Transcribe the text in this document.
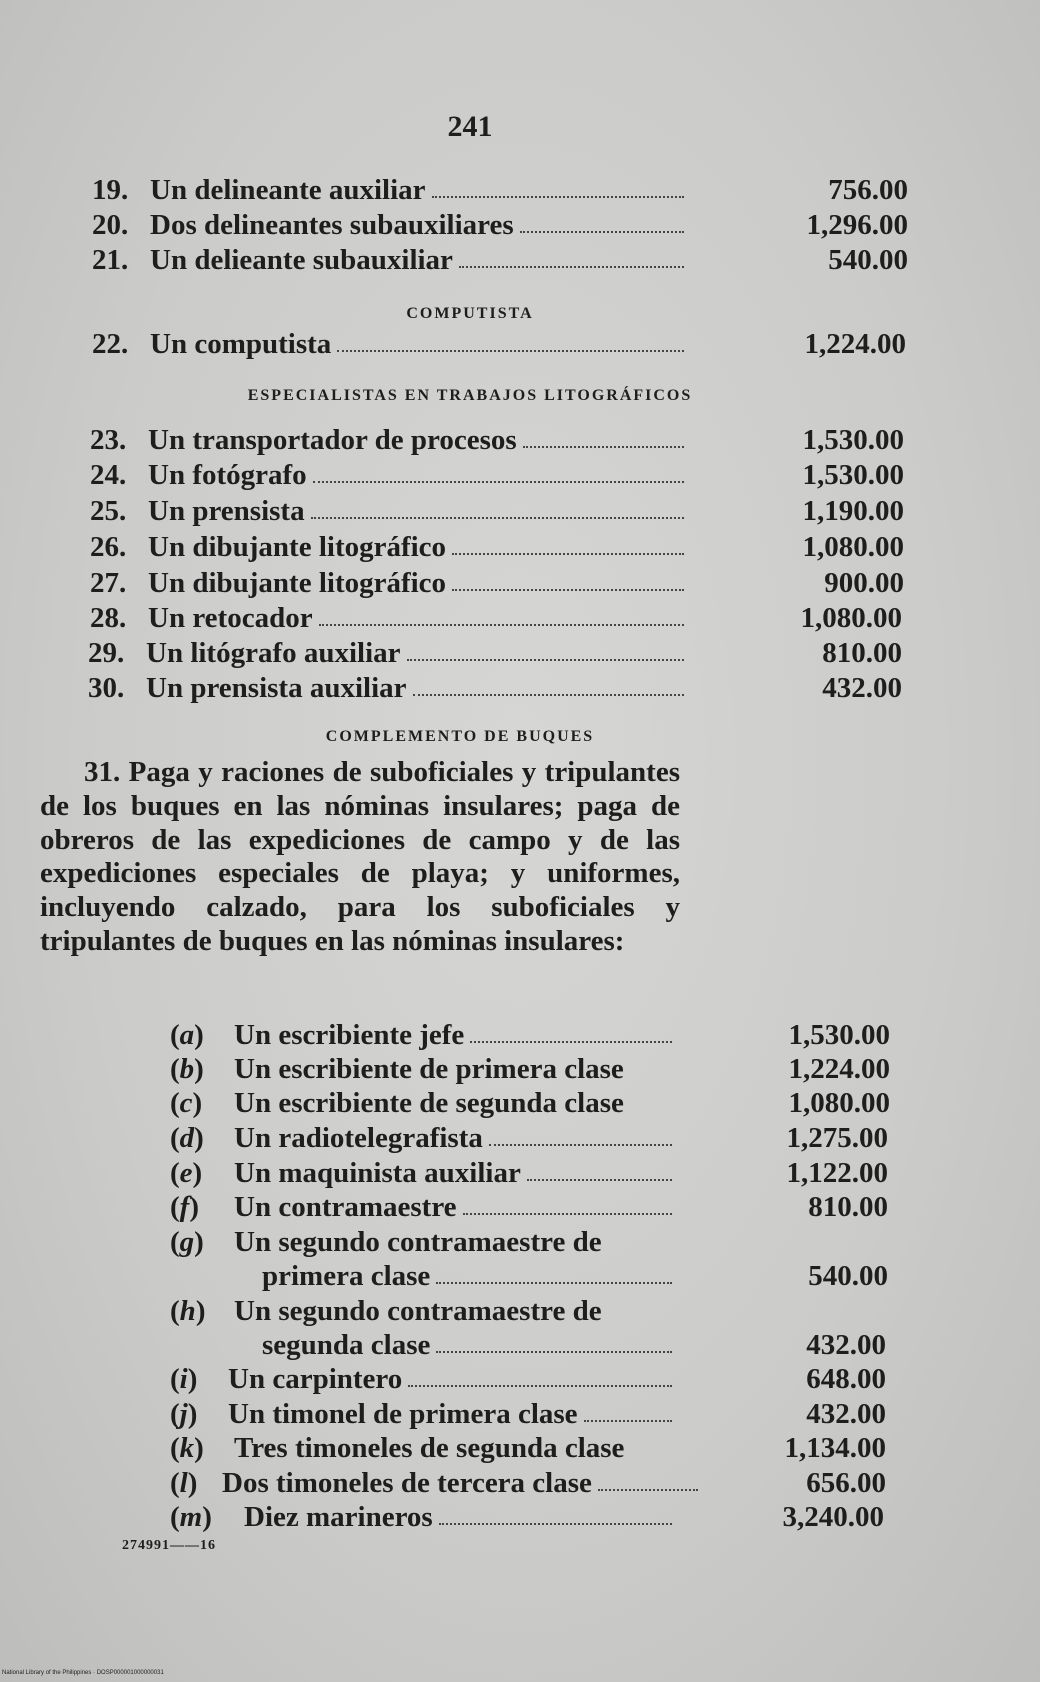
241
19. Un delineante auxiliar	756.00
20. Dos delineantes subauxiliares	1,296.00
21. Un delieante subauxiliar	540.00
COMPUTISTA
22. Un computista	1,224.00
ESPECIALISTAS EN TRABAJOS LITOGRÁFICOS
23. Un transportador de procesos	1,530.00
24. Un fotógrafo	1,530.00
25. Un prensista	1,190.00
26. Un dibujante litográfico	1,080.00
27. Un dibujante litográfico	900.00
28. Un retocador	1,080.00
29. Un litógrafo auxiliar	810.00
30. Un prensista auxiliar	432.00
COMPLEMENTO DE BUQUES
31. Paga y raciones de suboficiales y tripulantes de los buques en las nóminas insulares; paga de obreros de las expediciones de campo y de las expediciones especiales de playa; y uniformes, incluyendo calzado, para los suboficiales y tripulantes de buques en las nóminas insulares:
(a)	Un escribiente jefe	1,530.00
(b)	Un escribiente de primera clase	1,224.00
(c)	Un escribiente de segunda clase	1,080.00
(d)	Un radiotelegrafista	1,275.00
(e)	Un maquinista auxiliar	1,122.00
(f)	Un contramaestre	810.00
(g)	Un segundo contramaestre de
primera clase	540.00
(h) Un segundo contramaestre de
segunda clase	432.00
(i)	Un carpintero	648.00
(j)	Un timonel de primera clase	432.00
(k)	Tres timoneles de segunda clase	1,134.00
(l) Dos timoneles de tercera clase	656.00
(m)	Diez marineros	3,240.00
274991——16
National Library of the Philippines · DOSP000001000000031
